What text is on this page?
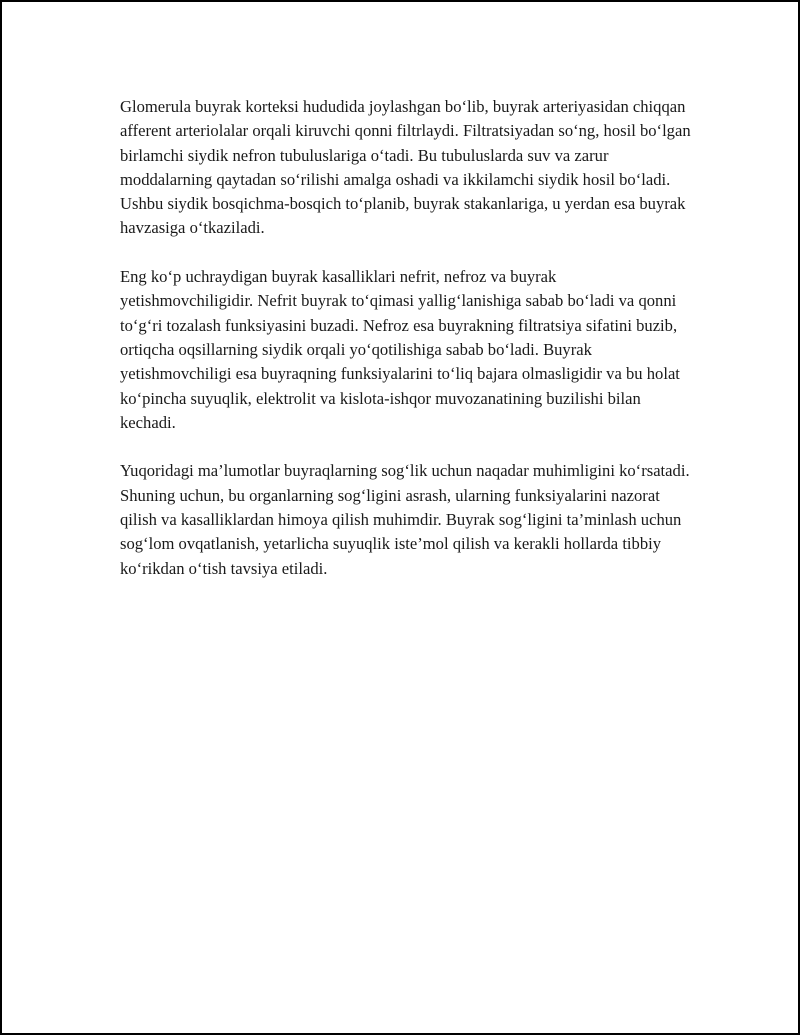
Glomerula buyrak korteksi hududida joylashgan bo‘lib, buyrak arteriyasidan chiqqan afferent arteriolalar orqali kiruvchi qonni filtrlaydi. Filtratsiyadan so‘ng, hosil bo‘lgan birlamchi siydik nefron tubuluslariga o‘tadi. Bu tubuluslarda suv va zarur moddalarning qaytadan so‘rilishi amalga oshadi va ikkilamchi siydik hosil bo‘ladi. Ushbu siydik bosqichma-bosqich to‘planib, buyrak stakanlariga, u yerdan esa buyrak havzasiga o‘tkaziladi.

Eng ko‘p uchraydigan buyrak kasalliklari nefrit, nefroz va buyrak yetishmovchiligidir. Nefrit buyrak to‘qimasi yallig‘lanishiga sabab bo‘ladi va qonni to‘g‘ri tozalash funksiyasini buzadi. Nefroz esa buyrakning filtratsiya sifatini buzib, ortiqcha oqsillarning siydik orqali yo‘qotilishiga sabab bo‘ladi. Buyrak yetishmovchiligi esa buyraqning funksiyalarini to‘liq bajara olmasligidir va bu holat ko‘pincha suyuqlik, elektrolit va kislota-ishqor muvozanatining buzilishi bilan kechadi.

Yuqoridagi ma’lumotlar buyraqlarning sog‘lik uchun naqadar muhimligini ko‘rsatadi. Shuning uchun, bu organlarning sog‘ligini asrash, ularning funksiyalarini nazorat qilish va kasalliklardan himoya qilish muhimdir. Buyrak sog‘ligini ta’minlash uchun sog‘lom ovqatlanish, yetarlicha suyuqlik iste’mol qilish va kerakli hollarda tibbiy ko‘rikdan o‘tish tavsiya etiladi.
